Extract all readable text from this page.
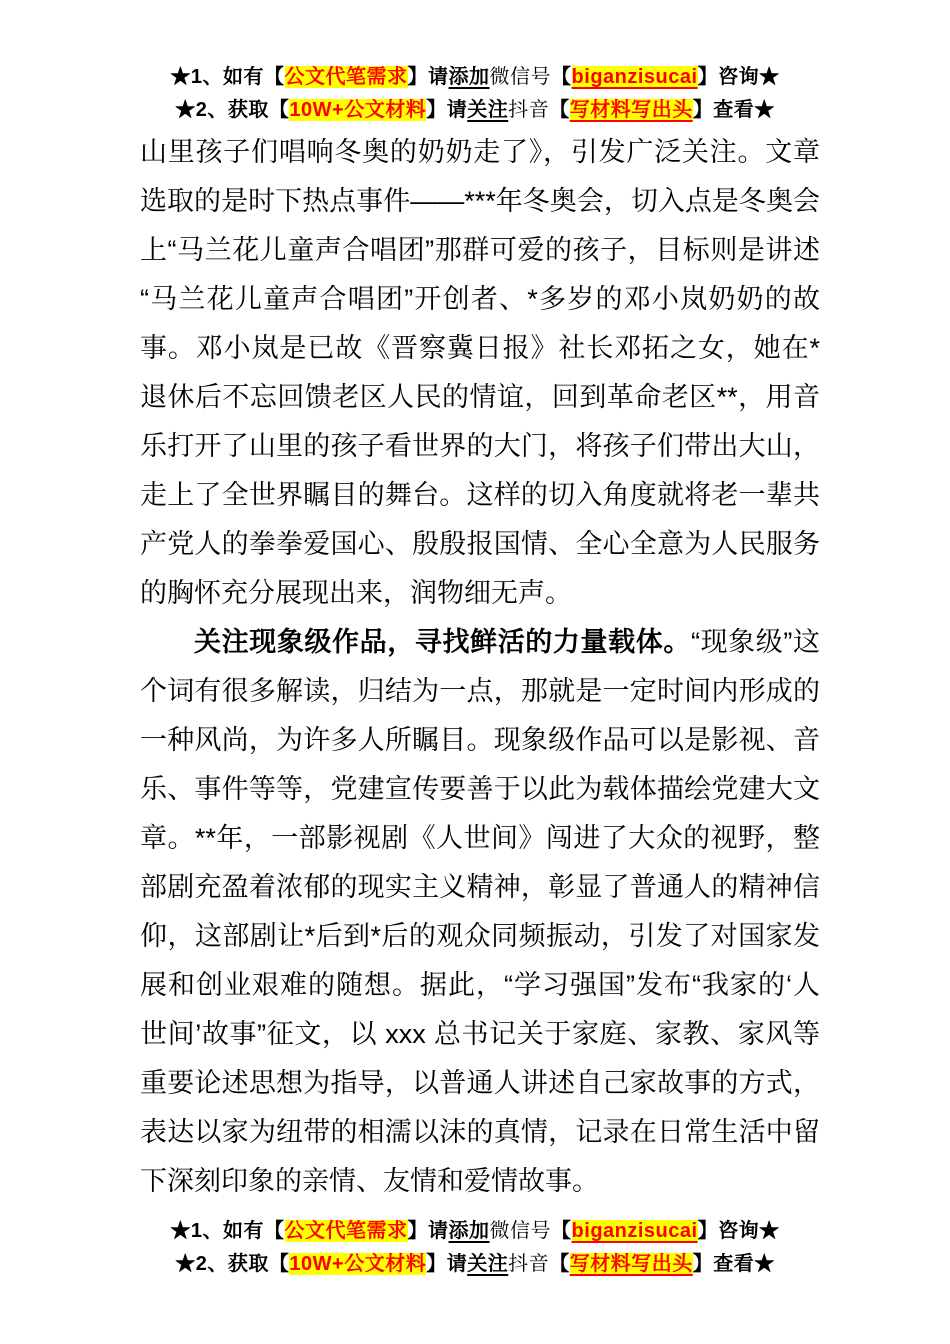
★1、如有【公文代笔需求】请添加微信号【biganzisucai】咨询★
★2、获取【10W+公文材料】请关注抖音【写材料写出头】查看★

山里孩子们唱响冬奥的奶奶走了》，引发广泛关注。文章选取的是时下热点事件——***年冬奥会，切入点是冬奥会上“马兰花儿童声合唱团”那群可爱的孩子，目标则是讲述“马兰花儿童声合唱团”开创者、*多岁的邓小岚奶奶的故事。邓小岚是已故《晋察冀日报》社长邓拓之女，她在*退休后不忘回馈老区人民的情谊，回到革命老区**，用音乐打开了山里的孩子看世界的大门，将孩子们带出大山，走上了全世界瞩目的舞台。这样的切入角度就将老一辈共产党人的拳拳爱国心、殷殷报国情、全心全意为人民服务的胸怀充分展现出来，润物细无声。

关注现象级作品，寻找鲜活的力量载体。“现象级”这个词有很多解读，归结为一点，那就是一定时间内形成的一种风尚，为许多人所瞩目。现象级作品可以是影视、音乐、事件等等，党建宣传要善于以此为载体描绘党建大文章。**年，一部影视剧《人世间》闯进了大众的视野，整部剧充盈着浓郁的现实主义精神，彰显了普通人的精神信仰，这部剧让*后到*后的观众同频振动，引发了对国家发展和创业艰难的随想。据此，“学习强国”发布“我家的‘人世间’故事”征文，以 xxx 总书记关于家庭、家教、家风等重要论述思想为指导，以普通人讲述自己家故事的方式，表达以家为纽带的相濡以沫的真情，记录在日常生活中留下深刻印象的亲情、友情和爱情故事。

★1、如有【公文代笔需求】请添加微信号【biganzisucai】咨询★
★2、获取【10W+公文材料】请关注抖音【写材料写出头】查看★
